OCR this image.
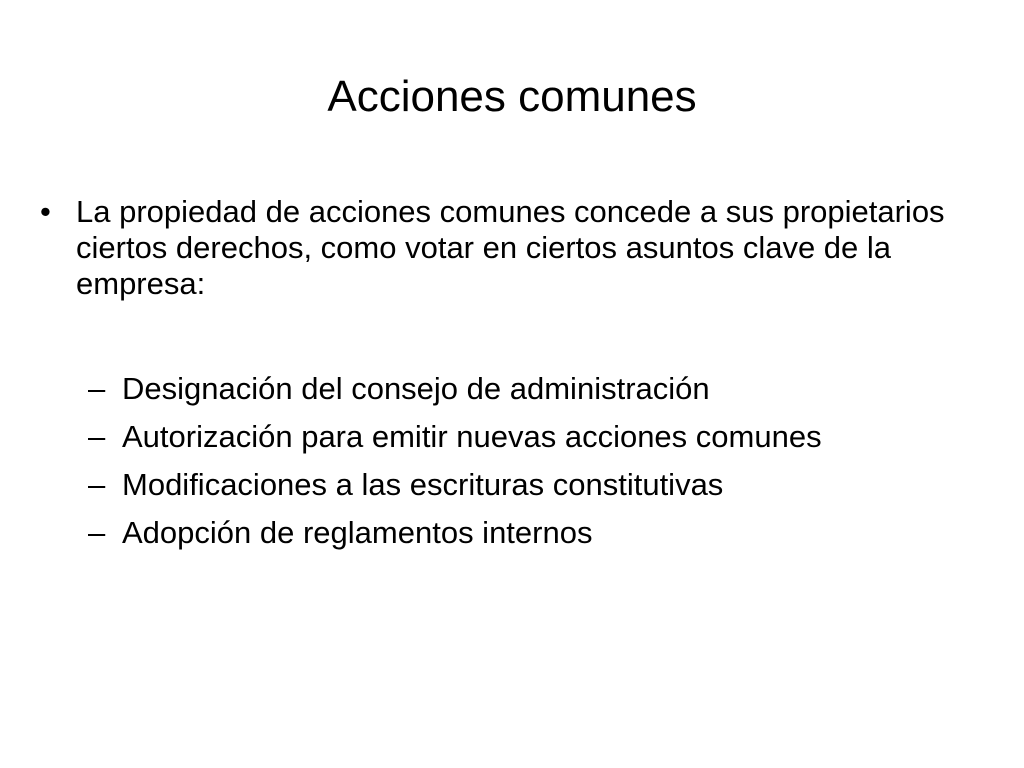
Acciones comunes
• La propiedad de acciones comunes concede a sus propietarios ciertos derechos, como votar en ciertos asuntos clave de la empresa:
– Designación del consejo de administración
– Autorización para emitir nuevas acciones comunes
– Modificaciones a las escrituras constitutivas
– Adopción de reglamentos internos
